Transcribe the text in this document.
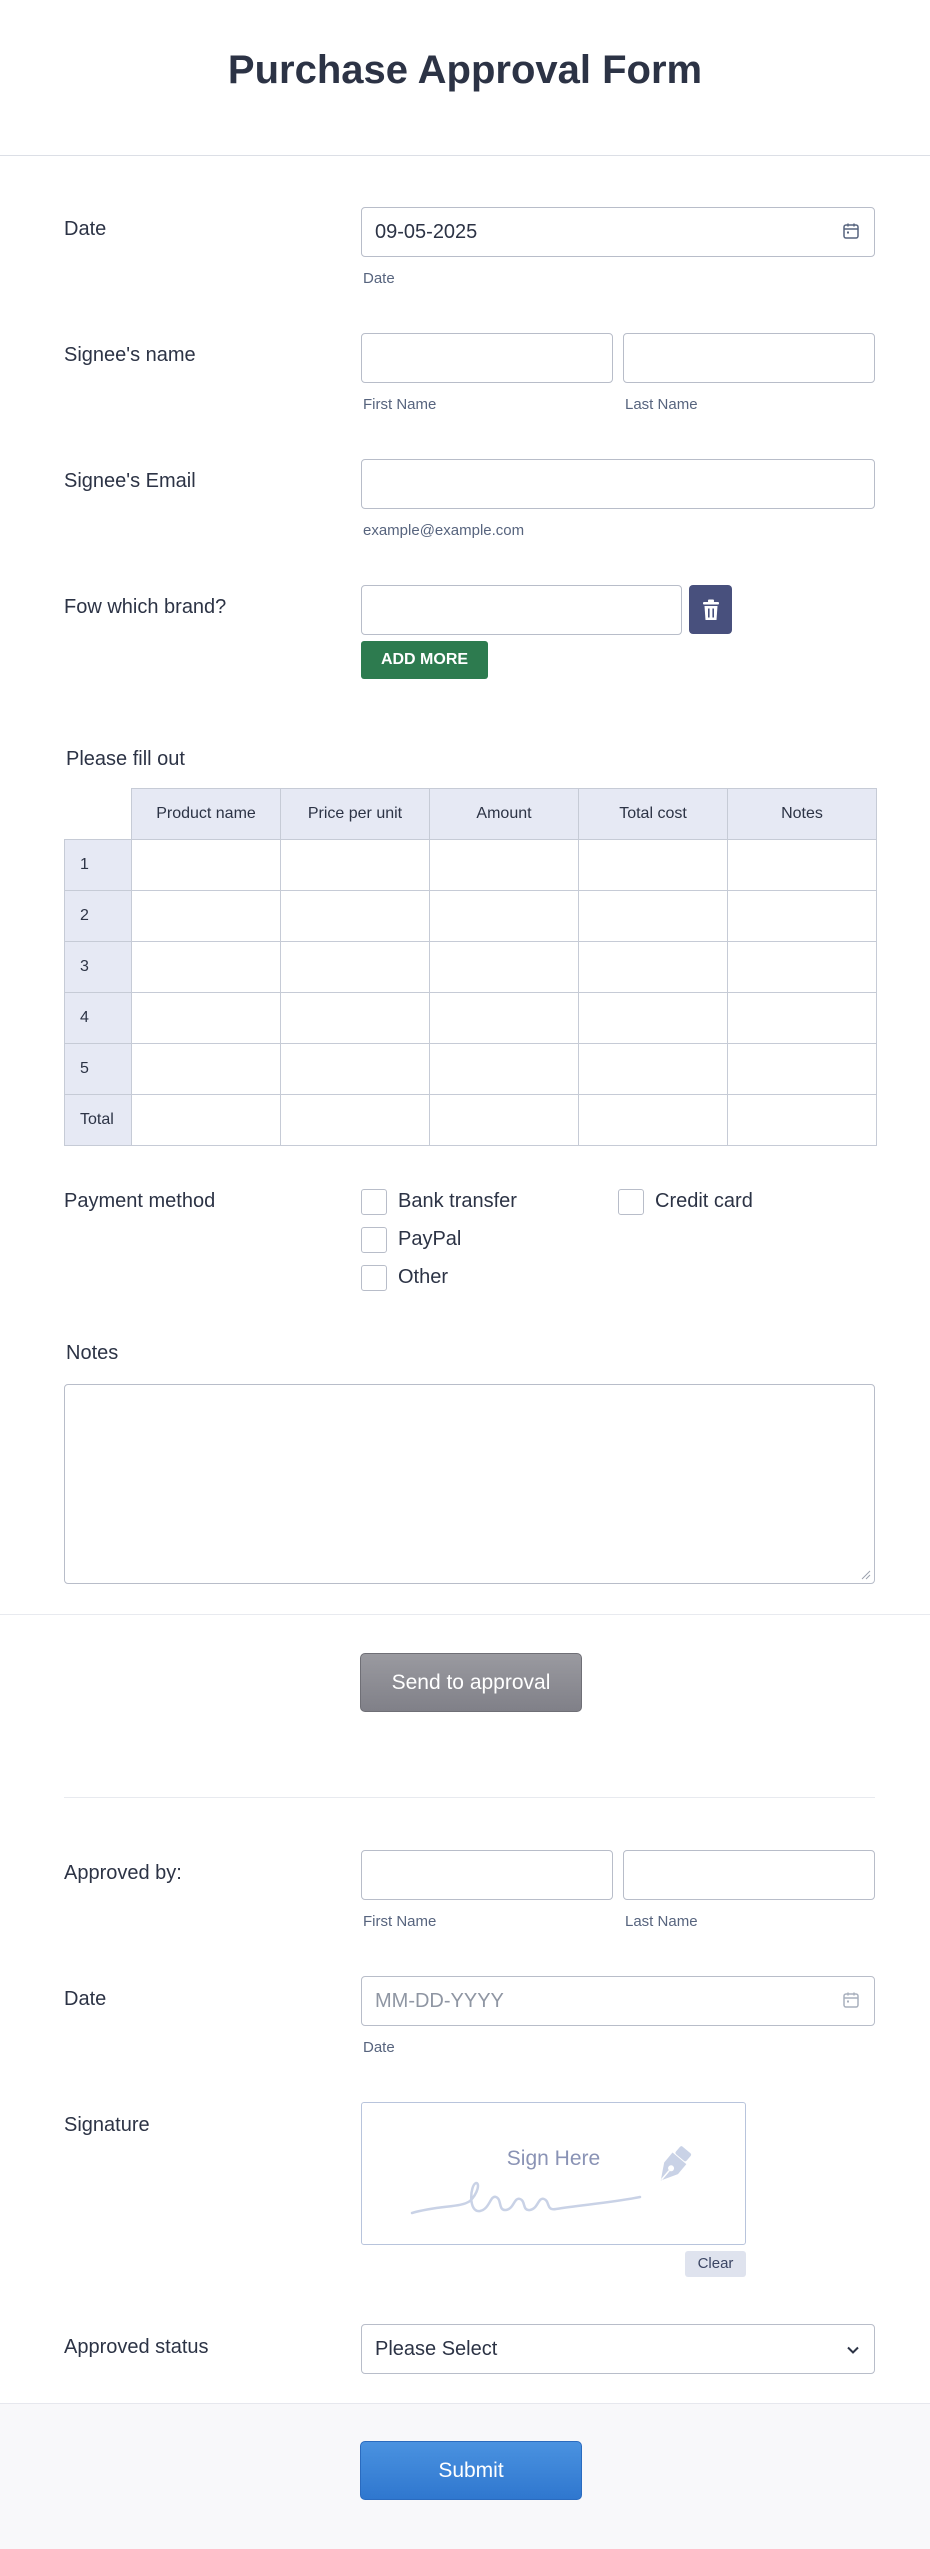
Purchase Approval Form
Date	09-05-2025
Date
Signee's name
First Name	Last Name
Signee's Email
example@example.com
Fow which brand?
ADD MORE
Please fill out
	Product name	Price per unit	Amount	Total cost	Notes
1					
2					
3					
4					
5					
Total					
Payment method	Bank transfer	Credit card
PayPal
Other
Notes
Send to approval
Approved by:
First Name	Last Name
Date	MM-DD-YYYY
Date
Signature
Sign Here
Clear
Approved status	Please Select
Submit
